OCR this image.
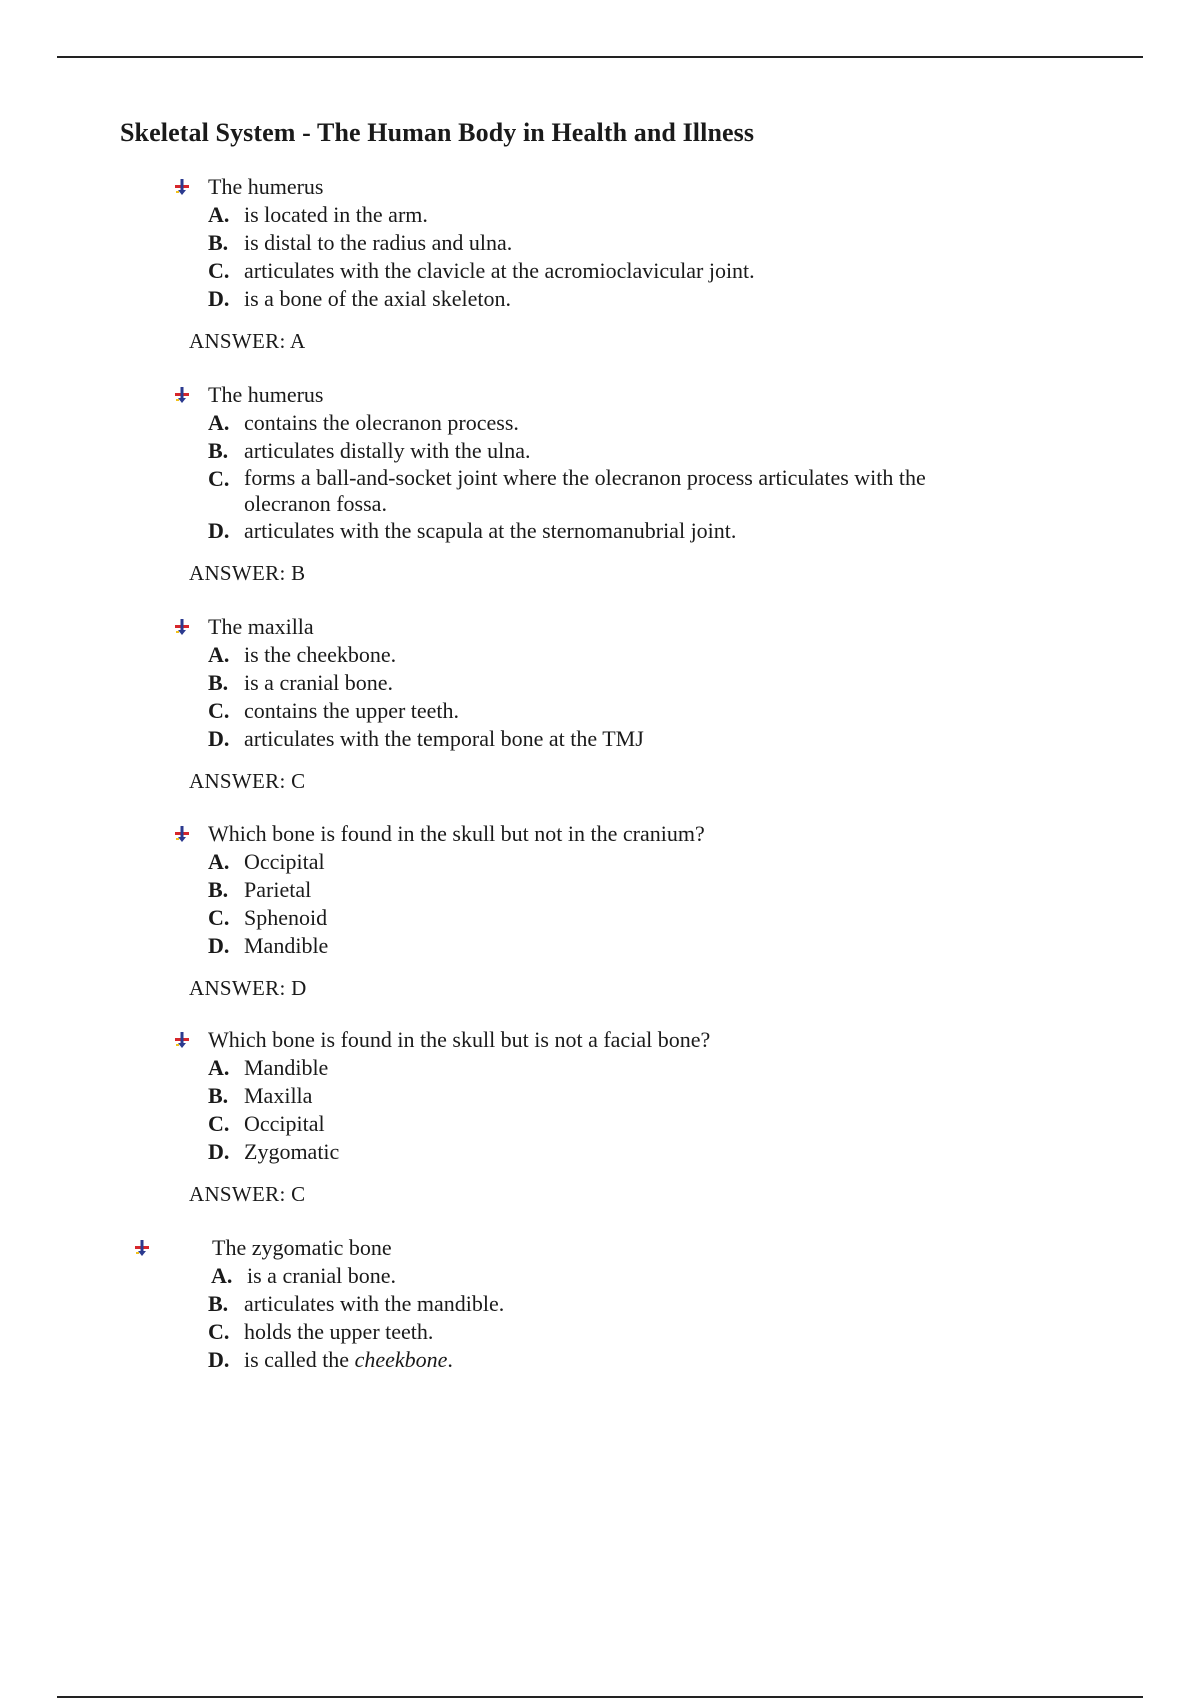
Skeletal System - The Human Body in Health and Illness
The humerus
A. is located in the arm.
B. is distal to the radius and ulna.
C. articulates with the clavicle at the acromioclavicular joint.
D. is a bone of the axial skeleton.
ANSWER: A
The humerus
A. contains the olecranon process.
B. articulates distally with the ulna.
C. forms a ball-and-socket joint where the olecranon process articulates with the olecranon fossa.
D. articulates with the scapula at the sternomanubrial joint.
ANSWER: B
The maxilla
A. is the cheekbone.
B. is a cranial bone.
C. contains the upper teeth.
D. articulates with the temporal bone at the TMJ
ANSWER: C
Which bone is found in the skull but not in the cranium?
A. Occipital
B. Parietal
C. Sphenoid
D. Mandible
ANSWER: D
Which bone is found in the skull but is not a facial bone?
A. Mandible
B. Maxilla
C. Occipital
D. Zygomatic
ANSWER: C
The zygomatic bone
A. is a cranial bone.
B. articulates with the mandible.
C. holds the upper teeth.
D. is called the cheekbone.
